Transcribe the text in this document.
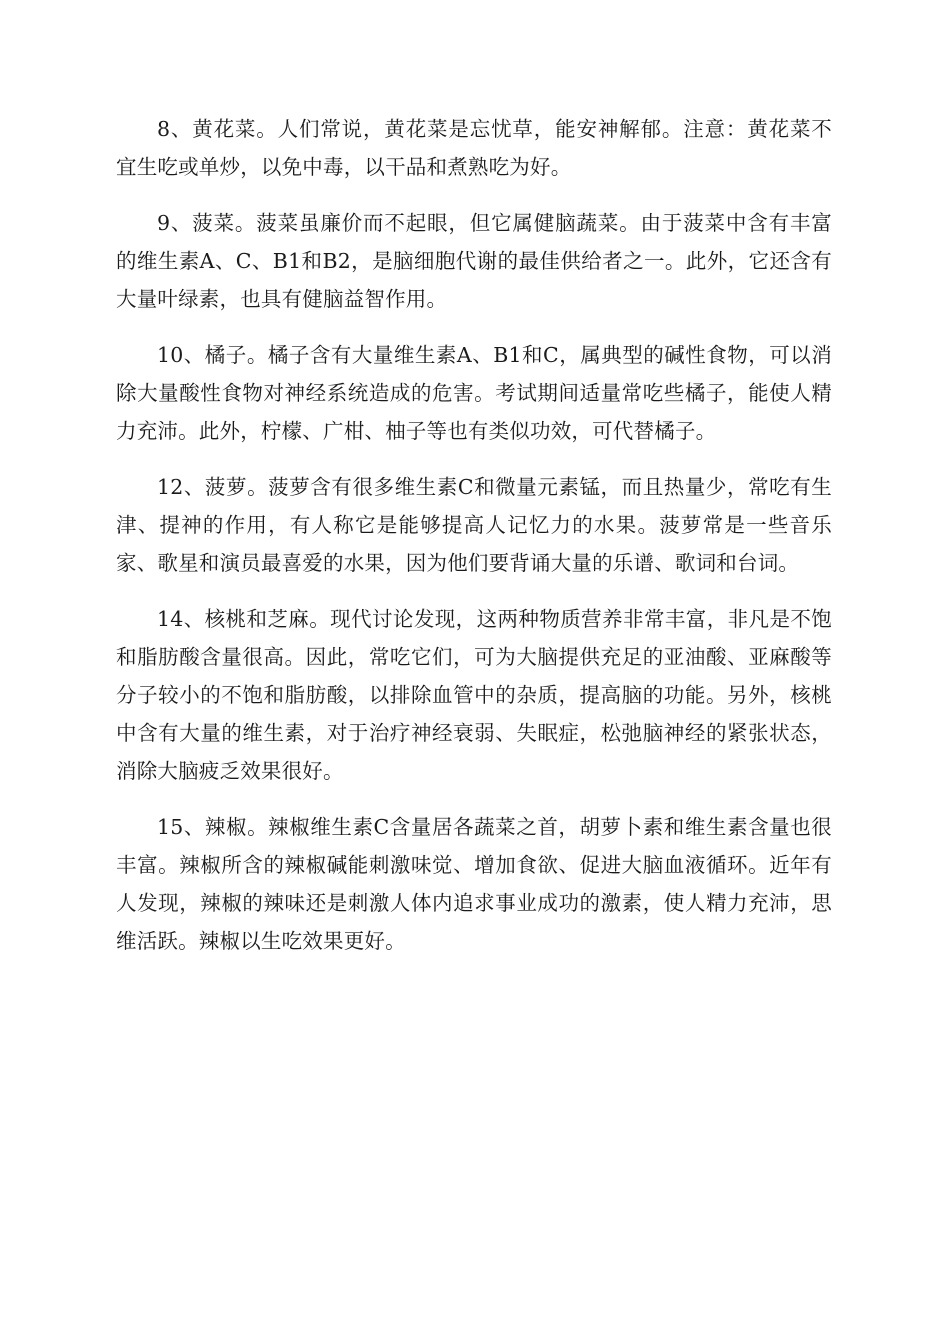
8、黄花菜。人们常说，黄花菜是忘忧草，能安神解郁。注意：黄花菜不宜生吃或单炒，以免中毒，以干品和煮熟吃为好。

9、菠菜。菠菜虽廉价而不起眼，但它属健脑蔬菜。由于菠菜中含有丰富的维生素A、C、B1和B2，是脑细胞代谢的最佳供给者之一。此外，它还含有大量叶绿素，也具有健脑益智作用。

10、橘子。橘子含有大量维生素A、B1和C，属典型的碱性食物，可以消除大量酸性食物对神经系统造成的危害。考试期间适量常吃些橘子，能使人精力充沛。此外，柠檬、广柑、柚子等也有类似功效，可代替橘子。

12、菠萝。菠萝含有很多维生素C和微量元素锰，而且热量少，常吃有生津、提神的作用，有人称它是能够提高人记忆力的水果。菠萝常是一些音乐家、歌星和演员最喜爱的水果，因为他们要背诵大量的乐谱、歌词和台词。

14、核桃和芝麻。现代讨论发现，这两种物质营养非常丰富，非凡是不饱和脂肪酸含量很高。因此，常吃它们，可为大脑提供充足的亚油酸、亚麻酸等分子较小的不饱和脂肪酸，以排除血管中的杂质，提高脑的功能。另外，核桃中含有大量的维生素，对于治疗神经衰弱、失眠症，松弛脑神经的紧张状态，消除大脑疲乏效果很好。

15、辣椒。辣椒维生素C含量居各蔬菜之首，胡萝卜素和维生素含量也很丰富。辣椒所含的辣椒碱能刺激味觉、增加食欲、促进大脑血液循环。近年有人发现，辣椒的辣味还是刺激人体内追求事业成功的激素，使人精力充沛，思维活跃。辣椒以生吃效果更好。
